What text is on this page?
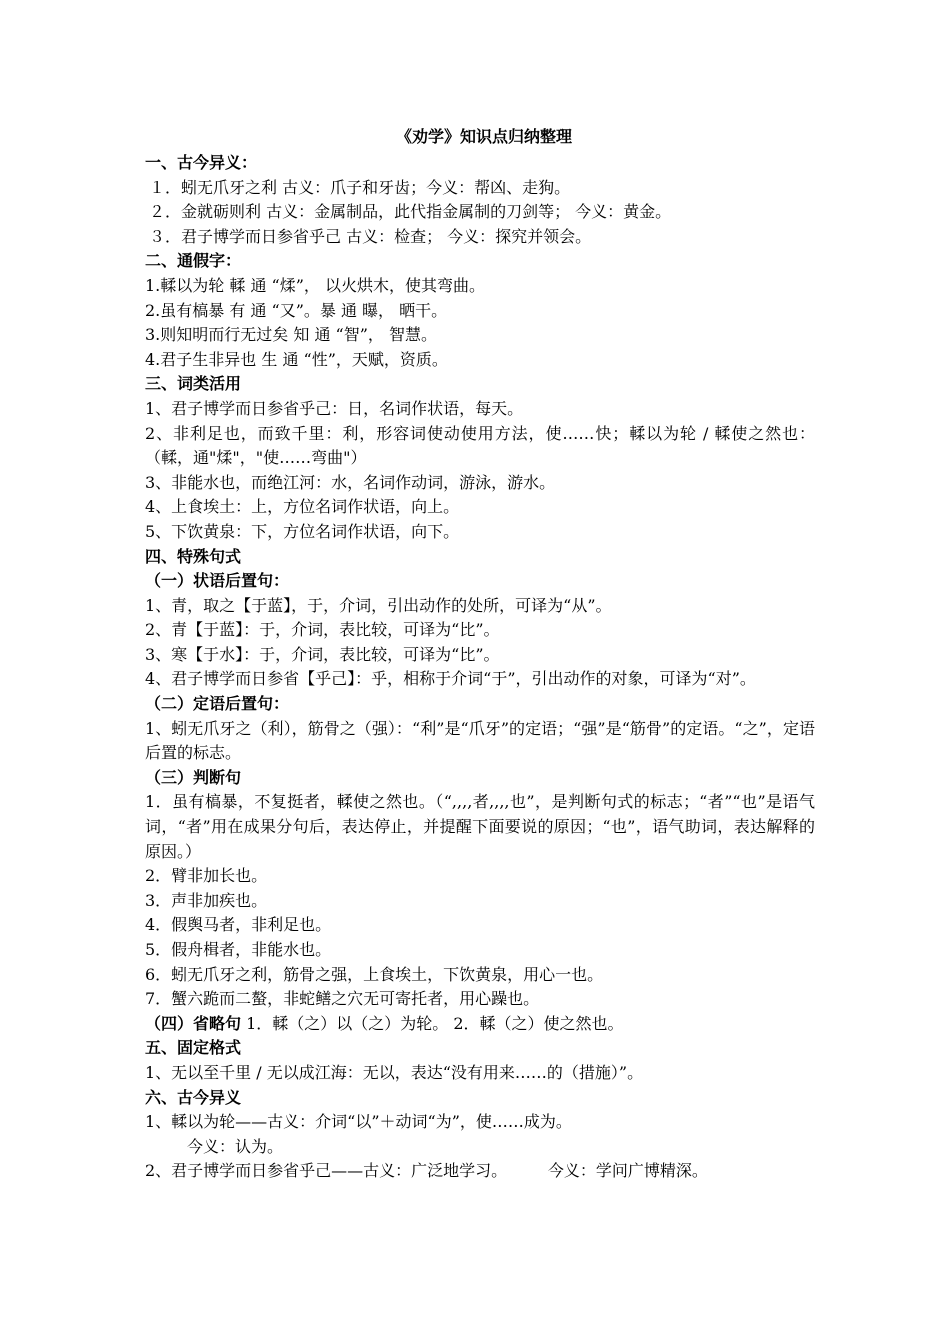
《劝学》知识点归纳整理
一、古今异义：
１．蚓无爪牙之利 古义：爪子和牙齿；今义：帮凶、走狗。
２．金就砺则利 古义：金属制品，此代指金属制的刀剑等； 今义：黄金。
３．君子博学而日参省乎己 古义：检查； 今义：探究并领会。
二、通假字：
1.輮以为轮 輮 通 “煣”， 以火烘木，使其弯曲。
2.虽有槁暴 有 通 “又”。暴 通 曝， 晒干。
3.则知明而行无过矣 知 通 “智”， 智慧。
4.君子生非异也 生 通 “性”，天赋，资质。
三、词类活用
1、君子博学而日参省乎己：日，名词作状语，每天。
2、非利足也，而致千里：利，形容词使动使用方法，使……快；輮以为轮 / 輮使之然也：（輮，通"煣"，"使……弯曲"）
3、非能水也，而绝江河：水，名词作动词，游泳，游水。
4、上食埃土：上，方位名词作状语，向上。
5、下饮黄泉：下，方位名词作状语，向下。
四、特殊句式
（一）状语后置句：
1、青，取之【于蓝】，于，介词，引出动作的处所，可译为“从”。
2、青【于蓝】：于，介词，表比较，可译为“比”。
3、寒【于水】：于，介词，表比较，可译为“比”。
4、君子博学而日参省【乎己】：乎，相称于介词“于”，引出动作的对象，可译为“对”。
（二）定语后置句：
1、蚓无爪牙之（利），筋骨之（强）：“利”是“爪牙”的定语；“强”是“筋骨”的定语。“之”，定语后置的标志。
（三）判断句
1．虽有槁暴，不复挺者，輮使之然也。（“,,,,者,,,,也”，是判断句式的标志；“者”“也”是语气词，“者”用在成果分句后，表达停止，并提醒下面要说的原因；“也”，语气助词，表达解释的原因。）
2．臂非加长也。
3．声非加疾也。
4．假舆马者，非利足也。
5．假舟楫者，非能水也。
6．蚓无爪牙之利，筋骨之强，上食埃土，下饮黄泉，用心一也。
7．蟹六跪而二螯，非蛇鳝之穴无可寄托者，用心躁也。
（四）省略句 1．輮（之）以（之）为轮。 2．輮（之）使之然也。
五、固定格式
1、无以至千里 / 无以成江海：无以，表达“没有用来……的（措施）”。
六、古今异义
1、輮以为轮——古义：介词“以”＋动词“为”，使……成为。
今义：认为。
2、君子博学而日参省乎己——古义：广泛地学习。        今义：学问广博精深。
